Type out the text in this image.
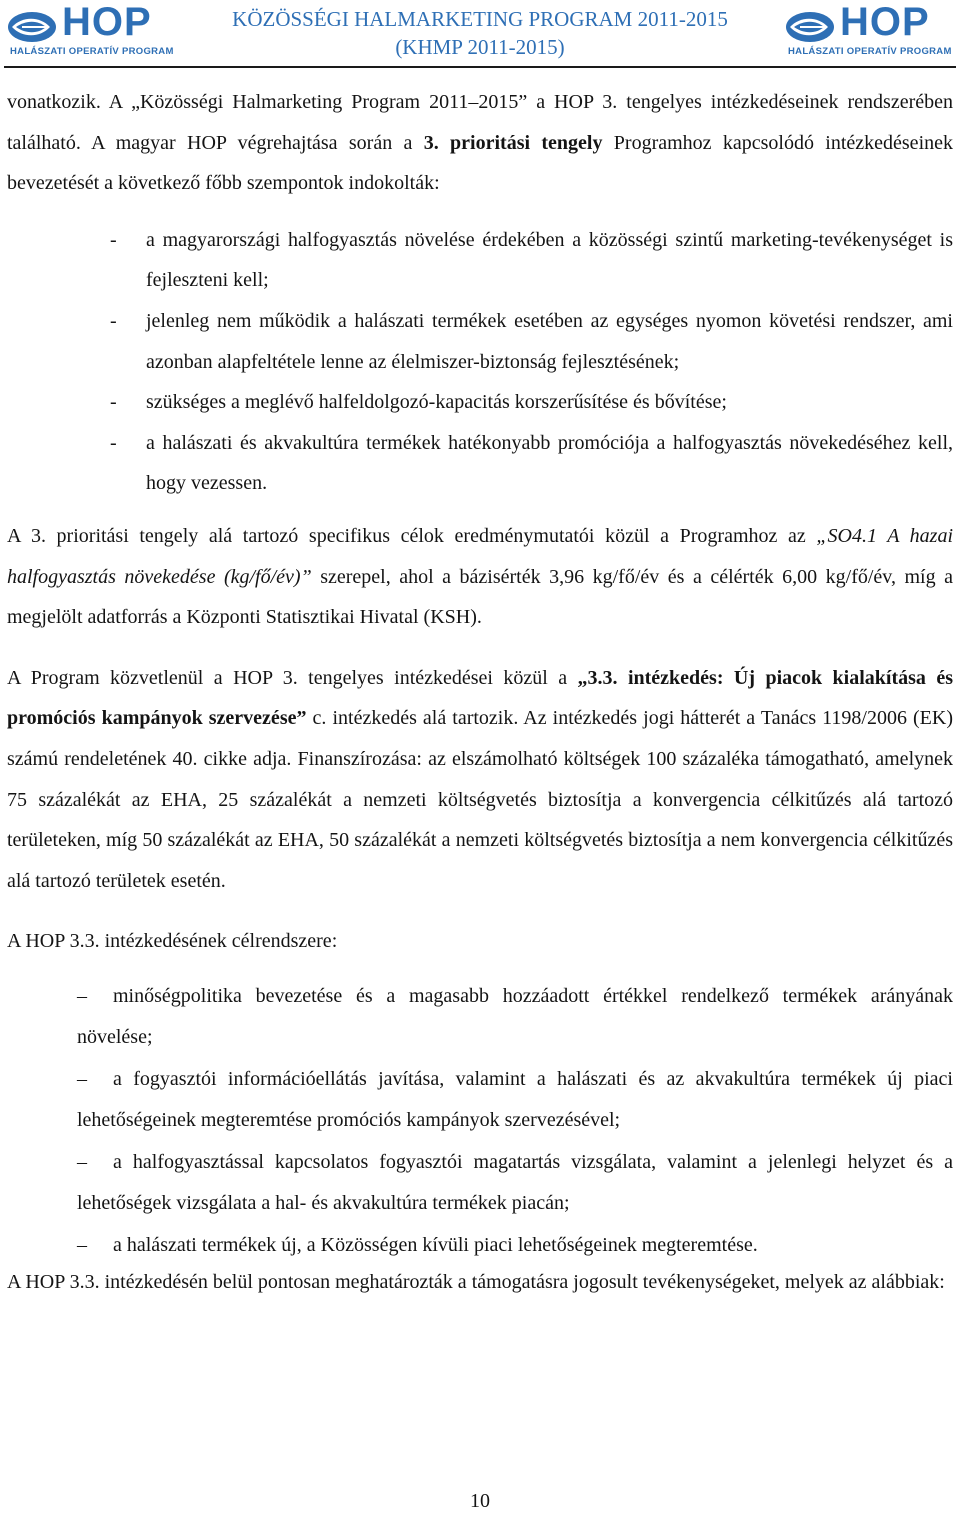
HOP
HALÁSZATI OPERATÍV PROGRAM
KÖZÖSSÉGI HALMARKETING PROGRAM 2011-2015
(KHMP 2011-2015)
HOP
HALÁSZATI OPERATÍV PROGRAM

vonatkozik. A „Közösségi Halmarketing Program 2011–2015” a HOP 3. tengelyes intézkedéseinek rendszerében található. A magyar HOP végrehajtása során a 3. prioritási tengely Programhoz kapcsolódó intézkedéseinek bevezetését a következő főbb szempontok indokolták:

- a magyarországi halfogyasztás növelése érdekében a közösségi szintű marketing-tevékenységet is fejleszteni kell;
- jelenleg nem működik a halászati termékek esetében az egységes nyomon követési rendszer, ami azonban alapfeltétele lenne az élelmiszer-biztonság fejlesztésének;
- szükséges a meglévő halfeldolgozó-kapacitás korszerűsítése és bővítése;
- a halászati és akvakultúra termékek hatékonyabb promóciója a halfogyasztás növekedéséhez kell, hogy vezessen.

A 3. prioritási tengely alá tartozó specifikus célok eredménymutatói közül a Programhoz az „SO4.1 A hazai halfogyasztás növekedése (kg/fő/év)” szerepel, ahol a bázisérték 3,96 kg/fő/év és a célérték 6,00 kg/fő/év, míg a megjelölt adatforrás a Központi Statisztikai Hivatal (KSH).

A Program közvetlenül a HOP 3. tengelyes intézkedései közül a „3.3. intézkedés: Új piacok kialakítása és promóciós kampányok szervezése” c. intézkedés alá tartozik. Az intézkedés jogi hátterét a Tanács 1198/2006 (EK) számú rendeletének 40. cikke adja. Finanszírozása: az elszámolható költségek 100 százaléka támogatható, amelynek 75 százalékát az EHA, 25 százalékát a nemzeti költségvetés biztosítja a konvergencia célkitűzés alá tartozó területeken, míg 50 százalékát az EHA, 50 százalékát a nemzeti költségvetés biztosítja a nem konvergencia célkitűzés alá tartozó területek esetén.

A HOP 3.3. intézkedésének célrendszere:

– minőségpolitika bevezetése és a magasabb hozzáadott értékkel rendelkező termékek arányának növelése;
– a fogyasztói információellátás javítása, valamint a halászati és az akvakultúra termékek új piaci lehetőségeinek megteremtése promóciós kampányok szervezésével;
– a halfogyasztással kapcsolatos fogyasztói magatartás vizsgálata, valamint a jelenlegi helyzet és a lehetőségek vizsgálata a hal- és akvakultúra termékek piacán;
– a halászati termékek új, a Közösségen kívüli piaci lehetőségeinek megteremtése.

A HOP 3.3. intézkedésén belül pontosan meghatározták a támogatásra jogosult tevékenységeket, melyek az alábbiak:

10
